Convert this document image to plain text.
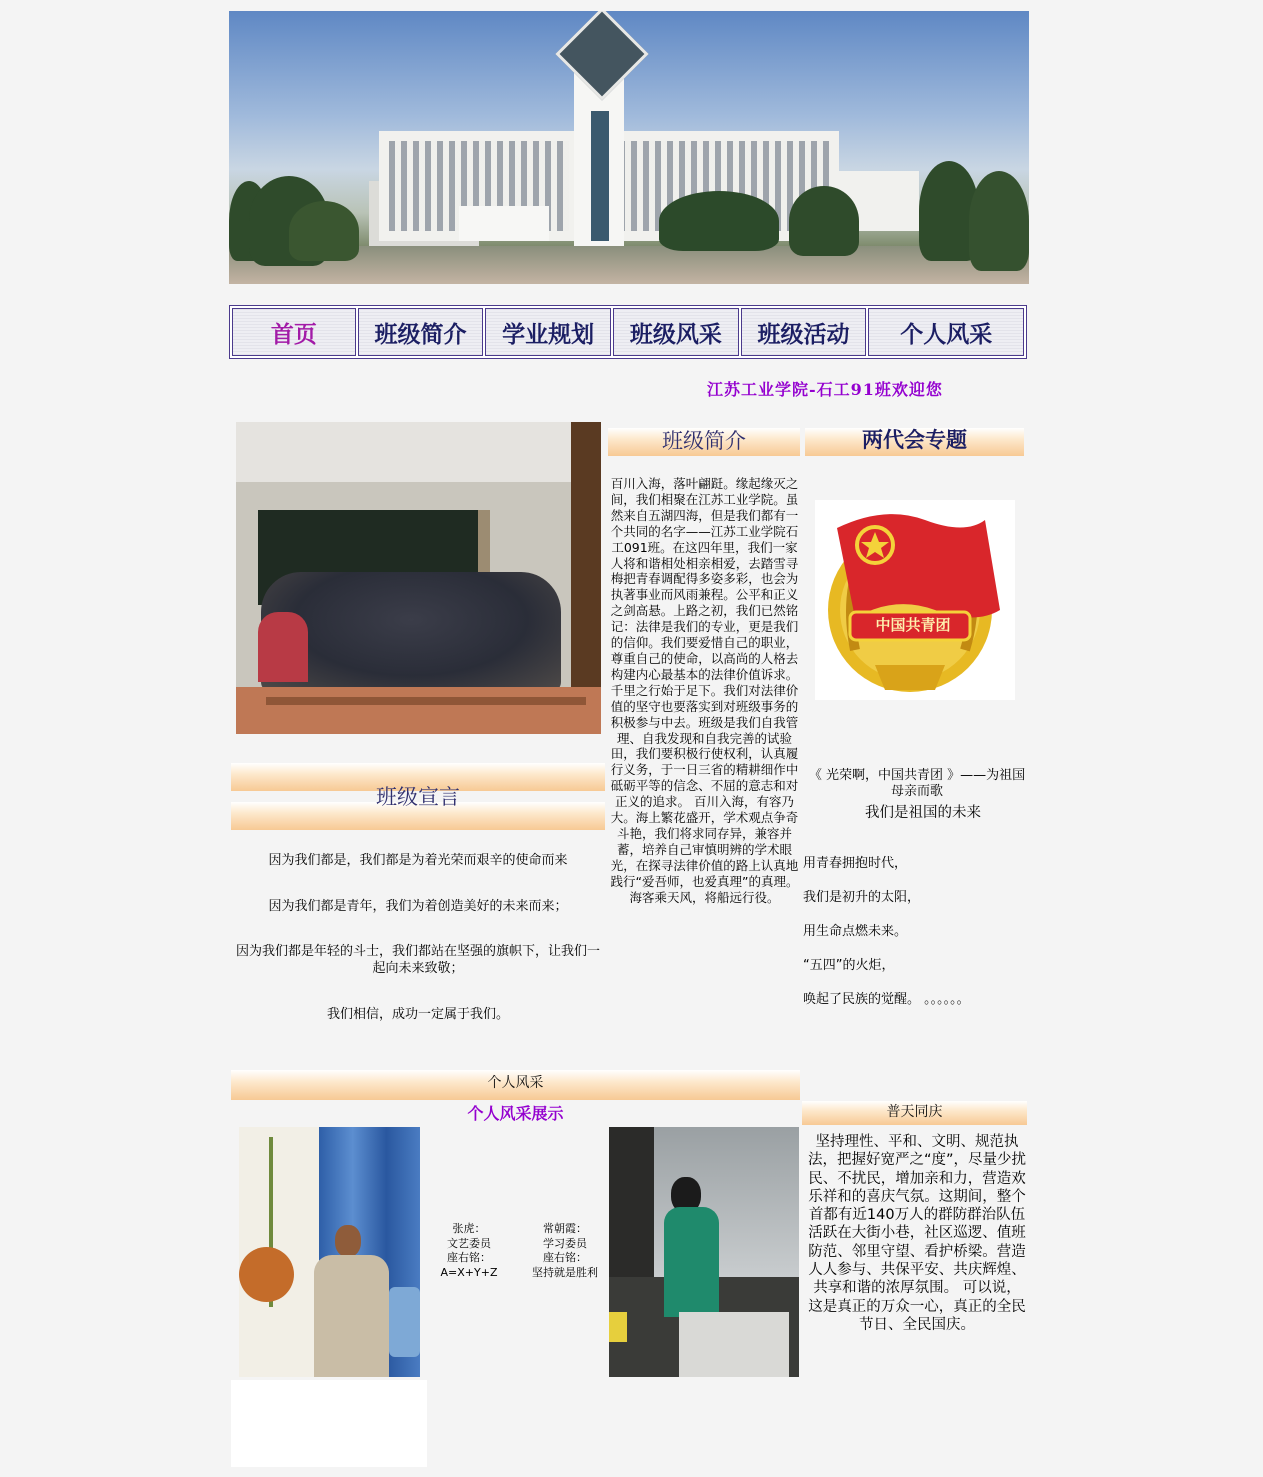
首页	班级简介	学业规划	班级风采	班级活动	个人风采
江苏工业学院-石工91班欢迎您
班级简介
百川入海，落叶翩跹。缘起缘灭之间，我们相聚在江苏工业学院。虽然来自五湖四海，但是我们都有一个共同的名字——江苏工业学院石工091班。在这四年里，我们一家人将和谐相处相亲相爱，去踏雪寻梅把青春调配得多姿多彩，也会为执著事业而风雨兼程。公平和正义之剑高悬。上路之初，我们已然铭记：法律是我们的专业，更是我们的信仰。我们要爱惜自己的职业，尊重自己的使命，以高尚的人格去构建内心最基本的法律价值诉求。 千里之行始于足下。我们对法律价值的坚守也要落实到对班级事务的积极参与中去。班级是我们自我管理、自我发现和自我完善的试验田，我们要积极行使权利，认真履行义务，于一日三省的精耕细作中砥砺平等的信念、不屈的意志和对正义的追求。 百川入海，有容乃大。海上繁花盛开，学术观点争奇斗艳，我们将求同存异，兼容并蓄，培养自己审慎明辨的学术眼光，在探寻法律价值的路上认真地践行“爱吾师，也爱真理”的真理。 海客乘天风，将船远行役。
两代会专题
中国共青团
《 光荣啊，中国共青团 》——为祖国母亲而歌
我们是祖国的未来
用青春拥抱时代，
我们是初升的太阳，
用生命点燃未来。
“五四”的火炬，
唤起了民族的觉醒。 。。。。。。
班级宣言
因为我们都是，我们都是为着光荣而艰辛的使命而来
因为我们都是青年，我们为着创造美好的未来而来；
因为我们都是年轻的斗士，我们都站在坚强的旗帜下，让我们一起向未来致敬；
我们相信，成功一定属于我们。
个人风采
个人风采展示
张虎：
文艺委员
座右铭：
A=X+Y+Z
常朝霞：
学习委员
座右铭：
坚持就是胜利
普天同庆
坚持理性、平和、文明、规范执法，把握好宽严之“度”，尽量少扰民、不扰民，增加亲和力，营造欢乐祥和的喜庆气氛。这期间，整个首都有近140万人的群防群治队伍活跃在大街小巷，社区巡逻、值班防范、邻里守望、看护桥梁。营造人人参与、共保平安、共庆辉煌、共享和谐的浓厚氛围。 可以说，这是真正的万众一心，真正的全民节日、全民国庆。
